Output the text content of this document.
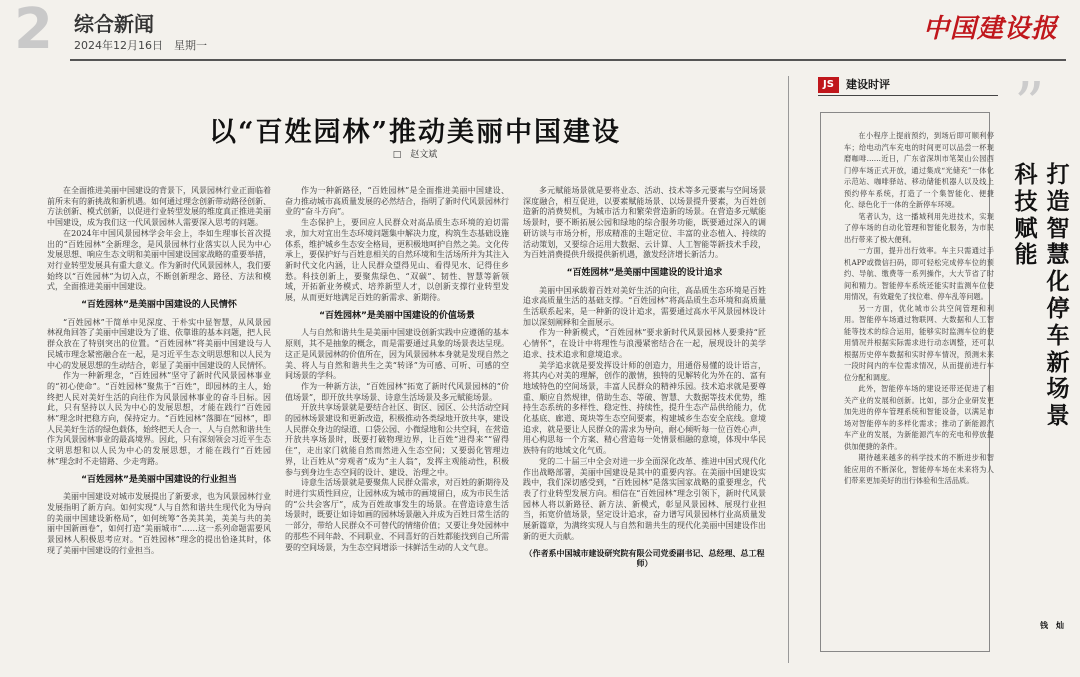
2 综合新闻
2024年12月16日　星期一
中国建设报
以“百姓园林”推动美丽中国建设
□　赵文斌

在全面推进美丽中国建设的背景下，风景园林行业正面临着前所未有的新挑战和新机遇。如何通过理念创新带动路径创新、方法创新、模式创新，以促进行业转型发展的维度真正推进美丽中国建设，成为我们这一代风景园林人需要深入思考的问题。

在2024年中国风景园林学会年会上，李如生理事长首次提出的“百姓园林”全新理念，是风景园林行业落实以人民为中心发展思想、响应生态文明和美丽中国建设国家战略的重要举措，对行业转型发展具有重大意义。作为新时代风景园林人，我们要始终以“百姓园林”为切入点，不断创新理念、路径、方法和模式，全面推进美丽中国建设。

“百姓园林”是美丽中国建设的人民情怀

“百姓园林”干简单中见深度、于朴实中显智慧，从风景园林视角回答了美丽中国建设为了谁、依靠谁的基本问题，把人民群众放在了特别突出的位置。“百姓园林”将美丽中国建设与人民城市理念紧密融合在一起，是习近平生态文明思想和以人民为中心的发展思想的生动结合，彰显了美丽中国建设的人民情怀。

作为一种新理念，“百姓园林”坚守了新时代风景园林事业的“初心使命”。“百姓园林”聚焦于“百姓”，即园林的主人，始终把人民对美好生活的向往作为风景园林事业的奋斗目标。因此，只有坚持以人民为中心的发展思想，才能在践行“百姓园林”理念时把稳方向，保持定力。“百姓园林”落脚在“园林”，即人民美好生活的绿色载体，始终把天人合一、人与自然和谐共生作为风景园林事业的最高境界。因此，只有深刻领会习近平生态文明思想和以人民为中心的发展思想，才能在践行“百姓园林”理念时不走错路、少走弯路。

“百姓园林”是美丽中国建设的行业担当

美丽中国建设对城市发展提出了新要求，也为风景园林行业发展指明了新方向。如何实现“人与自然和谐共生现代化为导向的美丽中国建设新格局”，如何统筹“各美其美，美美与共的美丽中国新画卷”，如何打造“美丽城市”……这一系列命题需要风景园林人积极思考应对。“百姓园林”理念的提出恰逢其时，体现了美丽中国建设的行业担当。

作为一种新路径，“百姓园林”是全面推进美丽中国建设、奋力推动城市高质量发展的必然结合，指明了新时代风景园林行业的“奋斗方向”。

生态保护上，要回应人民群众对高品质生态环境的迫切需求，加大对宜出生态环境问题集中解决力度，构筑生态基础设施体系，维护城乡生态安全格局，更积极地呵护自然之美。文化传承上，要保护好与百姓息相关的自然环境和生活场所并为其注入新时代文化内涵，让人民群众望得见山、看得见水、记得住乡愁。科技创新上，要聚焦绿色、“双碳”、韧性、智慧等新领域，开拓新业务模式、培养新型人才，以创新支撑行业转型发展，从而更好地满足百姓的新需求、新期待。

“百姓园林”是美丽中国建设的价值场景

人与自然和谐共生是美丽中国建设创新实践中应遵循的基本原则，其不是抽象的概念，而是需要通过具象的场景表达呈现。这正是风景园林的价值所在，因为风景园林本身就是发现自然之美、将人与自然和谐共生之美“转译”为可感、可听、可感的空间场景的学科。

作为一种新方法，“百姓园林”拓宽了新时代风景园林的“价值场景”，即开放共享场景、诗意生活场景及多元赋能场景。

开放共享场景就是要结合社区、街区、园区、公共活动空间的园林场景建设和更新改造，积极推动各类绿地开放共享，建设人民群众身边的绿道、口袋公园、小微绿地和公共空间，在营造开放共享场景时，既要打破物理边界，让百姓“进得来”“留得住”，走出家门就能自然而然进入生态空间；又要弱化管理边界，让百姓从“旁观者”成为“主人翁”，发挥主观能动性，积极参与到身边生态空间的设计、建设、治理之中。

诗意生活场景就是要聚焦人民群众需求，对百姓的新期待及时进行实质性回应，让园林成为城市的画境留白，成为市民生活的“公共会客厅”，成为百姓故事发生的场景。在营造诗意生活场景时，既要让如诗如画的园林场景融入并成为百姓日常生活的一部分，带给人民群众不可替代的情绪价值；又要让身处园林中的那些不同年龄、不同职业、不同喜好的百姓都能找到自己所需要的空间场景，为生态空间增添一抹鲜活生动的人文气息。

多元赋能场景就是要将业态、活动、技术等多元要素与空间场景深度融合，相互促进，以要素赋能场景、以场景提升要素，为百姓创造新的消费契机，为城市活力和繁荣营造新的场景。在营造多元赋能场景时，要不断拓展公园和绿地的综合服务功能，既要通过深入的调研访谈与市场分析，形成精准的主题定位、丰富的业态植入、持续的活动策划，又要综合运用大数据、云计算、人工智能等新技术手段，为百姓消费提供升级提供新机遇，激发经济增长新活力。

“百姓园林”是美丽中国建设的设计追求

美丽中国承载着百姓对美好生活的向往，高品质生态环境是百姓追求高质量生活的基础支撑。“百姓园林”将高品质生态环境和高质量生活联系起来，是一种新的设计追求，需要通过高水平风景园林设计加以深刻阐释和全面展示。

作为一种新模式，“百姓园林”要求新时代风景园林人要秉持“匠心情怀”，在设计中将理性与浪漫紧密结合在一起，展现设计的美学追求、技术追求和意境追求。

美学追求就是要发挥设计师的创造力，用通俗易懂的设计语言，将其内心对美的理解，创作的激情，独特的见解转化为外在的、富有地域特色的空间场景，丰富人民群众的精神乐园。技术追求就是要尊重、顺应自然规律，借助生态、等破、智慧、大数据等技术优势，维持生态系统的多样性、稳定性、持续性，提升生态产品供给能力，优化基底、廊道、斑块等生态空间要素，构建城乡生态安全底线。意境追求，就是要让人民群众的需求为导向，耐心倾听每一位百姓心声，用心构思每一个方案、精心营造每一处情景相融的意境，体现中华民族特有的地域文化气质。

党的二十届三中全会对进一步全面深化改革、推进中国式现代化作出战略部署，美丽中国建设是其中的重要内容。在美丽中国建设实践中，我们深切感受到，“百姓园林”是落实国家战略的重要理念，代表了行业转型发展方向。相信在“百姓园林”理念引领下，新时代风景园林人将以新路径、新方法、新模式，彰显风景园林、展现行业担当，拓宽价值场景，坚定设计追求，奋力谱写风景园林行业高质量发展新篇章，为满终实现人与自然和谐共生的现代化美丽中国建设作出新的更大贡献。

（作者系中国城市建设研究院有限公司党委副书记、总经理、总工程师）
JS	建设时评 ”

在小程序上提前预约，到场后即可顺利停车；给电动汽车充电的时间更可以品尝一杯现磨咖啡……近日，广东省深圳市笔架山公园西门停车场正式开放，通过集成“光储充”一体化示范站、咖啡驿站、移动储能机器人以及线上预约停车系统，打造了一个集智能化、便捷化、绿色化于一体的全新停车环境。

笔者认为，这一播城利用先进技术，实现了停车场的自动化管理和智能化服务，为市民出行带来了极大便利。

一方面，提升出行效率。车主只需通过手机APP或微信扫码，即可轻松完成停车位的预约、导航、缴费等一系列操作，大大节省了时间和精力。智能停车系统还能实时监测车位使用情况，有效避免了找位难、停车乱等问题。

另一方面，优化城市公共空间管理和利用。智能停车场通过物联网、大数据和人工智能等技术的综合运用，能够实时监测车位的使用情况并根据实际需求进行动态调整，还可以根据历史停车数据和实时停车情况，预测未来一段时间内的车位需求情况，从而提前进行车位分配和调度。

此外，智能停车场的建设还带还促进了相关产业的发展和创新。比如，部分企业研发更加先进的停车管理系统和智能设备，以满足市场对智能停车的多样化需求；推动了新能源汽车产业的发展，为新能源汽车的充电和停放提供加便捷的条件。

期待越来越多的科学技术的不断进步和智能应用的不断深化，智能停车场在未来将为人们带来更加美好的出行体验和生活品质。

钱　灿
科技赋能
打造智慧化停车新场景
